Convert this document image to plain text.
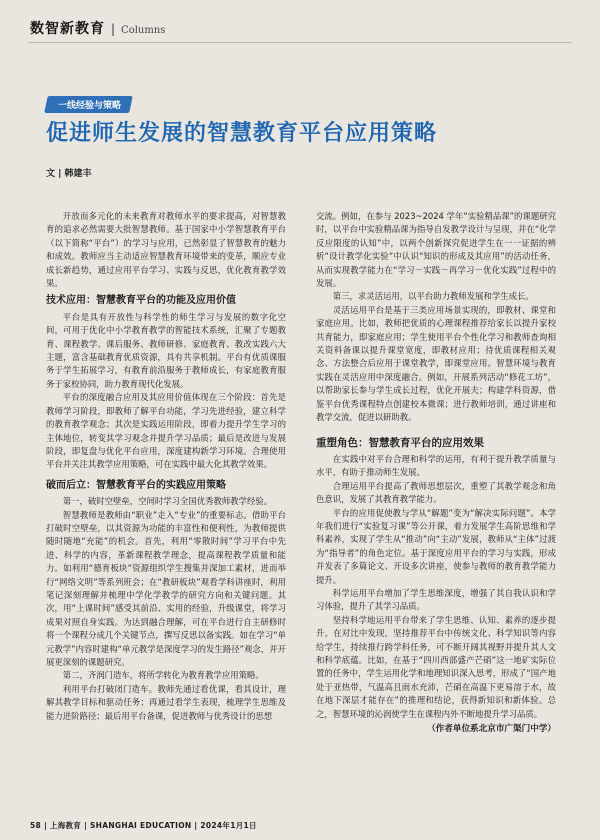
数智新教育 | Columns
一线经验与策略
促进师生发展的智慧教育平台应用策略
文 | 韩建丰

开放而多元化的未来教育对教师水平的要求提高，对智慧教育的追求必然需要大批智慧教师。基于国家中小学智慧教育平台（以下简称“平台”）的学习与应用，已然彰显了智慧教育的魅力和成效。教师应当主动适应智慧教育环境带来的变革，顺应专业成长新趋势，通过应用平台学习、实践与反思，优化教育教学效果。

技术应用：智慧教育平台的功能及应用价值

平台是具有开放性与科学性的师生学习与发展的数字化空间，可用于优化中小学教育教学的智能技术系统，汇聚了专题教育、课程教学、课后服务、教师研修、家庭教育、教改实践六大主题，富含基础教育优质资源，具有共享机制。平台有优质课服务于学生拓展学习，有教育前沿服务于教师成长，有家庭教育服务于家校协同，助力教育现代化发展。

平台的深度融合应用及其应用价值体现在三个阶段：首先是教师学习阶段，即教师了解平台功能，学习先进经验，建立科学的教育教学观念；其次是实践运用阶段，即着力提升学生学习的主体地位，转变其学习观念并提升学习品质；最后是改进与发展阶段，即复盘与优化平台应用，深度建构新学习环境。合理使用平台并关注其教学应用策略，可在实践中最大化其教学效果。

破而后立：智慧教育平台的实践应用策略

第一，破时空壁垒，空间时学习全国优秀教师教学经验。

智慧教师是教师由“职业”走入“专业”的重要标志。借助平台打破时空壁垒，以其资源为功能的丰富性和便利性，为教师提供随时随地“充能”的机会。首先，利用“零散时间”学习平台中先进、科学的内容，革新课程教学理念，提高课程教学质量和能力。如利用“德育板块”资源组织学生搜集并深加工素材，进而举行“网络文明”等系列班会；在“教研板块”观看学科讲座时，利用笔记深刻理解并梳理中学化学教学的研究方向和关键问题。其次，用“上课时间”感受其前沿、实用的经验，升级课堂，将学习成果对照自身实践。为达到融合理解，可在平台进行自主研修时将一个课程分成几个关键节点，撰写反思以备实践。如在学习“单元教学”内容时建构“单元教学是深度学习的发生路径”观念，并开展更深刻的课题研究。

第二，齐润门造车，将所学转化为教育教学应用策略。

利用平台打破闭门造车。教师先通过看优课，看其设计，理解其教学目标和驱动任务；再通过看学生表现，梳理学生思维及能力进阶路径；最后用平台备课，促进教师与优秀设计的思想

交流。例如，在参与 2023~2024 学年“实验精品课”的课题研究时，以平台中实验精品课为指导自发教学设计与呈现，并在“化学反应限度的认知”中，以两个创新探究促进学生在一一证据的辨析“设计教学化实验”中认识“知识的形成及其应用”的活动任务，从而实现教学能力在“学习－实践－再学习－优化实践”过程中的发展。

第三，求灵活运用，以平台助力教师发展和学生成长。

灵活运用平台是基于三类应用场景实现的，即教材、课堂和家庭应用。比如，教师把优质的心理课程推荐给家长以提升家校共育能力，即家庭应用；学生使用平台个性化学习和教师查询相关资料备课以提升课堂宽度，即教材应用；待优质课程相关观念、方法整合后应用于课堂教学，即课堂应用。智慧环境与教育实践在灵活应用中深度融合。例如，开展系列活动“修花工坊”，以帮助家长参与学生成长过程，优化开展夫；构建学科资源，借鉴平台优秀课程特点创建校本微课；进行教师培训，通过讲座和教学交流，促进以研助教。

重塑角色：智慧教育平台的应用效果

在实践中对平台合理和科学的运用，有利于提升教学质量与水平，有助于推动师生发展。

合理运用平台提高了教师思想层次，重塑了其教学观念和角色意识，发展了其教育教学能力。

平台的应用促使教与学从“解题”变为“解决实际问题”。本学年我们进行“实验复习课”等公开课，着力发展学生高阶思维和学科素养，实现了学生从“推动”向“主动”发展，教师从“主体”过渡为“指导者”的角色定位。基于深度应用平台的学习与实践，形成并发表了多篇论文、开设多次讲座，使参与教师的教育教学能力提升。

科学运用平台增加了学生思维深度，增强了其自我认识和学习体验，提升了其学习品质。

坚持科学地运用平台带来了学生思维、认知、素养的逐步提升。在对比中发现，坚持推荐平台中传统文化、科学知识等内容给学生，持续推行跨学科任务，可不断开阔其视野并提升其人文和科学底蕴。比如，在基于“四川西部盛产芒硝”这一地矿实际位置的任务中，学生运用化学和地理知识深入思考，形成了“国产地处于亚热带，气温高且雨水充沛，芒硝在高温下更易溶于水，故在地下深层才能存在”的推理和结论，获得新知识和新体验。总之，智慧环境的沁润使学生在课程内外不断地提升学习品质。

（作者单位系北京市广渠门中学）
58 | 上海教育 | SHANGHAI EDUCATION | 2024年1月1日
